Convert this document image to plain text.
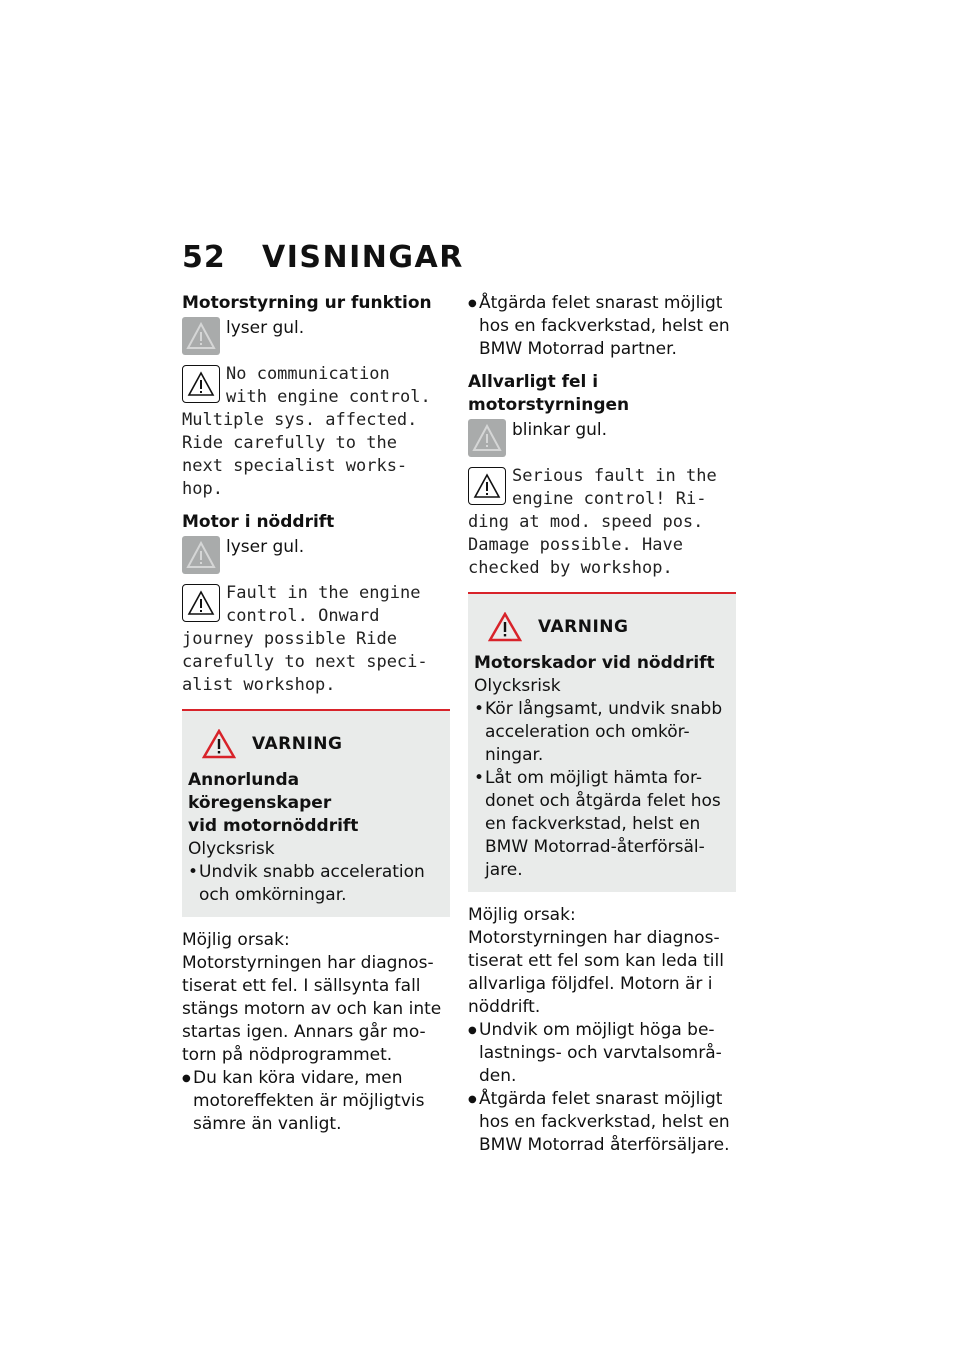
52	VISNINGAR
Motorstyrning ur funktion
lyser gul.
No communication
with engine control.
Multiple sys. affected.
Ride carefully to the
next specialist works-
hop.
Motor i nöddrift
lyser gul.
Fault in the engine
control. Onward
journey possible Ride
carefully to next speci-
alist workshop.
VARNING
Annorlunda köregenskaper
vid motornöddrift
Olycksrisk
• Undvik snabb acceleration och omkörningar.
Möjlig orsak:
Motorstyrningen har diagnos-tiserat ett fel. I sällsynta fall stängs motorn av och kan inte startas igen. Annars går mo-torn på nödprogrammet.
● Du kan köra vidare, men motoreffekten är möjligtvis sämre än vanligt.
● Åtgärda felet snarast möjligt hos en fackverkstad, helst en BMW Motorrad partner.
Allvarligt fel i motorstyrningen
blinkar gul.
Serious fault in the
engine control! Ri-
ding at mod. speed pos.
Damage possible. Have
checked by workshop.
VARNING
Motorskador vid nöddrift
Olycksrisk
• Kör långsamt, undvik snabb acceleration och omkör-ningar.
• Låt om möjligt hämta for-donet och åtgärda felet hos en fackverkstad, helst en BMW Motorrad-återförsäl-jare.
Möjlig orsak:
Motorstyrningen har diagnos-tiserat ett fel som kan leda till allvarliga följdfel. Motorn är i nöddrift.
● Undvik om möjligt höga be-lastnings- och varvtalsområ-den.
● Åtgärda felet snarast möjligt hos en fackverkstad, helst en BMW Motorrad återförsäljare.
